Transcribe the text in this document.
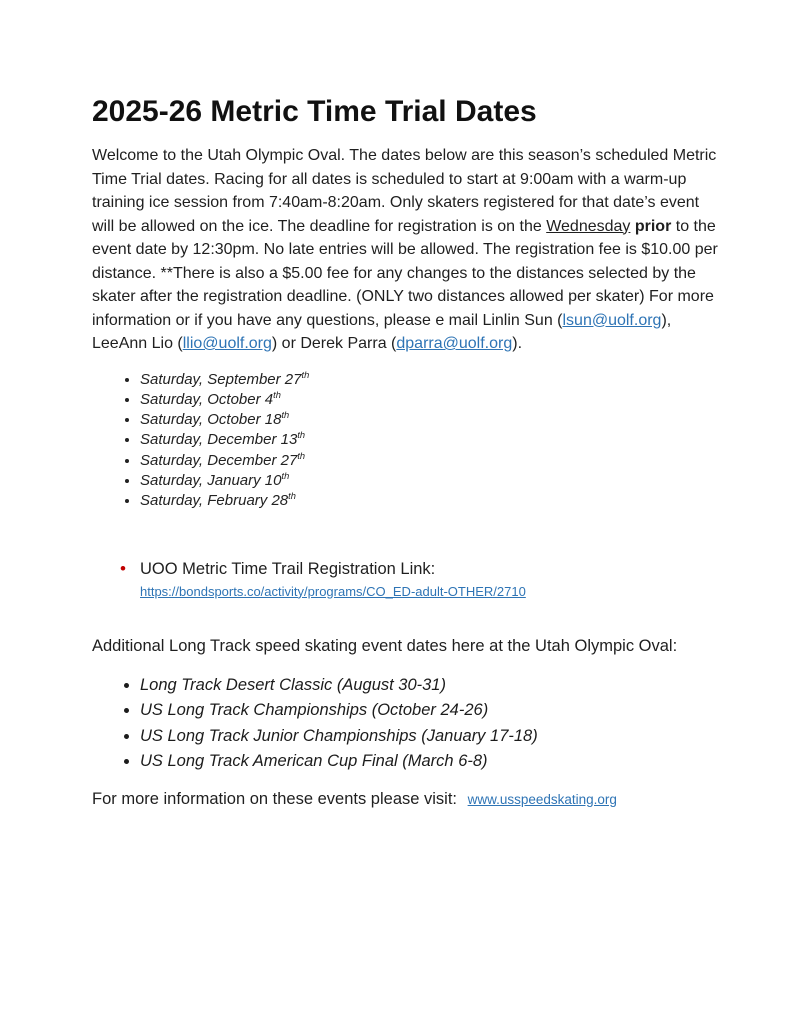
2025-26 Metric Time Trial Dates

Welcome to the Utah Olympic Oval. The dates below are this season’s scheduled Metric Time Trial dates. Racing for all dates is scheduled to start at 9:00am with a warm-up training ice session from 7:40am-8:20am. Only skaters registered for that date’s event will be allowed on the ice. The deadline for registration is on the Wednesday prior to the event date by 12:30pm. No late entries will be allowed. The registration fee is $10.00 per distance. **There is also a $5.00 fee for any changes to the distances selected by the skater after the registration deadline. (ONLY two distances allowed per skater) For more information or if you have any questions, please e mail Linlin Sun (lsun@uolf.org), LeeAnn Lio (llio@uolf.org) or Derek Parra (dparra@uolf.org).

• Saturday, September 27th
• Saturday, October 4th
• Saturday, October 18th
• Saturday, December 13th
• Saturday, December 27th
• Saturday, January 10th
• Saturday, February 28th
• UOO Metric Time Trail Registration Link:
https://bondsports.co/activity/programs/CO_ED-adult-OTHER/2710

Additional Long Track speed skating event dates here at the Utah Olympic Oval:

• Long Track Desert Classic (August 30-31)
• US Long Track Championships (October 24-26)
• US Long Track Junior Championships (January 17-18)
• US Long Track American Cup Final (March 6-8)

For more information on these events please visit: www.usspeedskating.org
